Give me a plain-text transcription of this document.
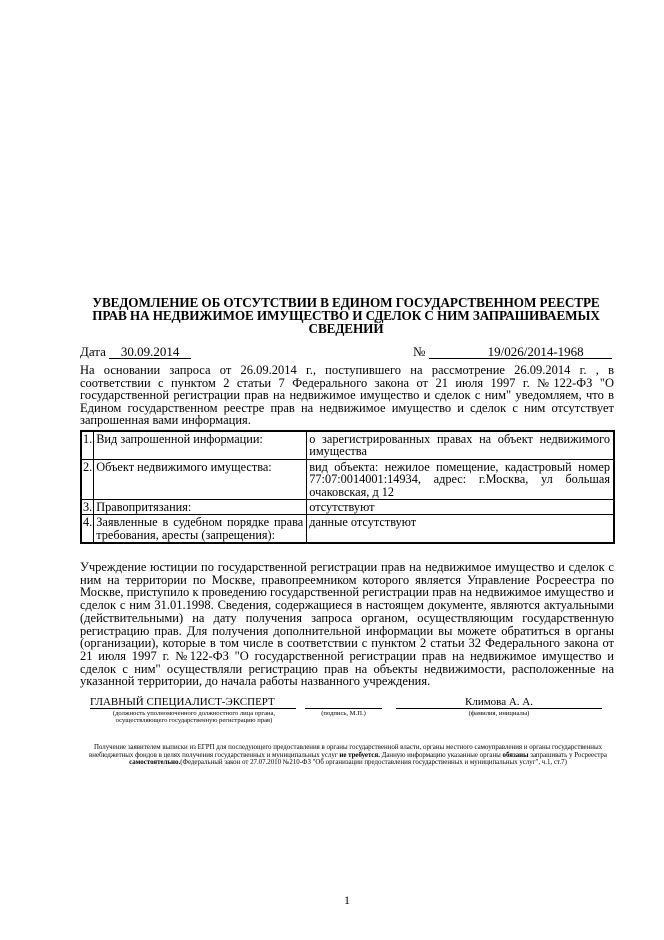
УВЕДОМЛЕНИЕ ОБ ОТСУТСТВИИ В ЕДИНОМ ГОСУДАРСТВЕННОМ РЕЕСТРЕ ПРАВ НА НЕДВИЖИМОЕ ИМУЩЕСТВО И СДЕЛОК С НИМ ЗАПРАШИВАЕМЫХ СВЕДЕНИЙ
Дата 30.09.2014	№	19/026/2014-1968
На основании запроса от 26.09.2014 г., поступившего на рассмотрение 26.09.2014 г. , в соответствии с пунктом 2 статьи 7 Федерального закона от 21 июля 1997 г. №122-ФЗ "О государственной регистрации прав на недвижимое имущество и сделок с ним" уведомляем, что в Едином государственном реестре прав на недвижимое имущество и сделок с ним отсутствует запрошенная вами информация.
1.	Вид запрошенной информации:	о зарегистрированных правах на объект недвижимого имущества
2.	Объект недвижимого имущества:	вид объекта: нежилое помещение, кадастровый номер 77:07:0014001:14934, адрес: г.Москва, ул большая очаковская, д 12
3.	Правопритязания:	отсутствуют
4.	Заявленные в судебном порядке права требования, аресты (запрещения):	данные отсутствуют
Учреждение юстиции по государственной регистрации прав на недвижимое имущество и сделок с ним на территории по Москве, правопреемником которого является Управление Росреестра по Москве, приступило к проведению государственной регистрации прав на недвижимое имущество и сделок с ним 31.01.1998. Сведения, содержащиеся в настоящем документе, являются актуальными (действительными) на дату получения запроса органом, осуществляющим государственную регистрацию прав. Для получения дополнительной информации вы можете обратиться в органы (организации), которые в том числе в соответствии с пунктом 2 статьи 32 Федерального закона от 21 июля 1997 г. №122-ФЗ "О государственной регистрации прав на недвижимое имущество и сделок с ним" осуществляли регистрацию прав на объекты недвижимости, расположенные на указанной территории, до начала работы названного учреждения.
ГЛАВНЫЙ СПЕЦИАЛИСТ-ЭКСПЕРТ	Климова А. А.
(должность уполномоченного должностного лица органа,
осуществляющего государственную регистрацию прав)
(подпись, М.П.)	(фамилия, инициалы)
Получение заявителем выписки из ЕГРП для последующего предоставления в органы государственной власти, органы местного самоуправления и органы государственных внебюджетных фондов в целях получения государственных и муниципальных услуг не требуется. Данную информацию указанные органы обязаны запрашивать у Росреестра самостоятельно.(Федеральный закон от 27.07.2010 №210-ФЗ "Об организации предоставления государственных и муниципальных услуг", ч.1, ст.7)
1
